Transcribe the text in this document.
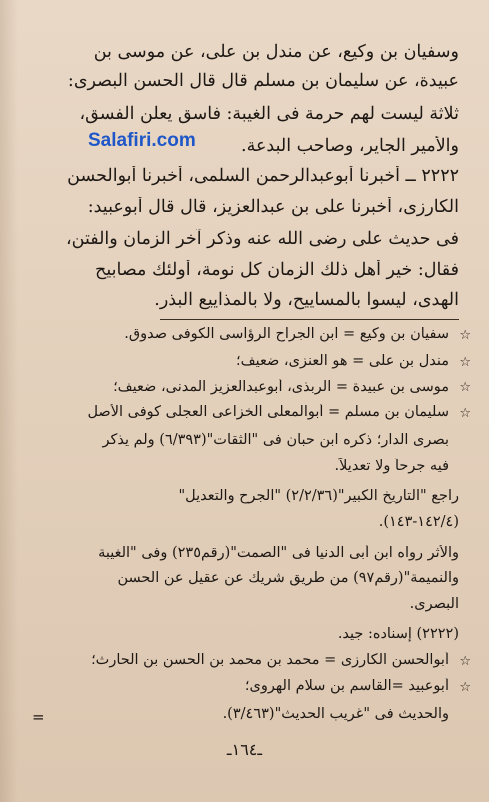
وسفيان بن وكيع، عن مندل بن على، عن موسى بن
عبيدة، عن سليمان بن مسلم قال قال الحسن البصرى:
ثلاثة ليست لهم حرمة فى الغيبة: فاسق يعلن الفسق،
والأمير الجاير، وصاحب البدعة.
Salafiri.com
٢٢٢٢ ــ أخبرنا أبوعبدالرحمن السلمى، أخبرنا أبوالحسن
الكارزى، أخبرنا على بن عبدالعزيز، قال قال أبوعبيد:
فى حديث على رضى الله عنه وذكر آخر الزمان والفتن،
فقال: خير أهل ذلك الزمان كل نومة، أولئك مصابيح
الهدى، ليسوا بالمساييح، ولا بالمذاييع البذر.
☆
سفيان بن وكيع = ابن الجراح الرؤاسى الكوفى صدوق.
☆
مندل بن على = هو العنزى، ضعيف؛
☆
موسى بن عبيدة = الربذى، أبوعبدالعزيز المدنى، ضعيف؛
☆
سليمان بن مسلم = أبوالمعلى الخزاعى العجلى كوفى الأصل
بصرى الدار؛ ذكره ابن حبان فى "الثقات"(٦/٣٩٣) ولم يذكر
فيه جرحاً ولا تعديلاً.
راجع "التاريخ الكبير"(٢/٢/٣٦) "الجرح والتعديل"
(١٤٢/٤-١٤٣).
والأثر رواه ابن أبى الدنيا فى "الصمت"(رقم٢٣٥) وفى "الغيبة
والنميمة"(رقم٩٧) من طريق شريك عن عقيل عن الحسن
البصرى.
(٢٢٢٢) إسناده: جيد.
☆
أبوالحسن الكارزى = محمد بن محمد بن الحسن بن الحارث؛
☆
أبوعبيد =القاسم بن سلام الهروى؛
والحديث فى "غريب الحديث"(٣/٤٦٣).
=
ـ١٦٤ـ
